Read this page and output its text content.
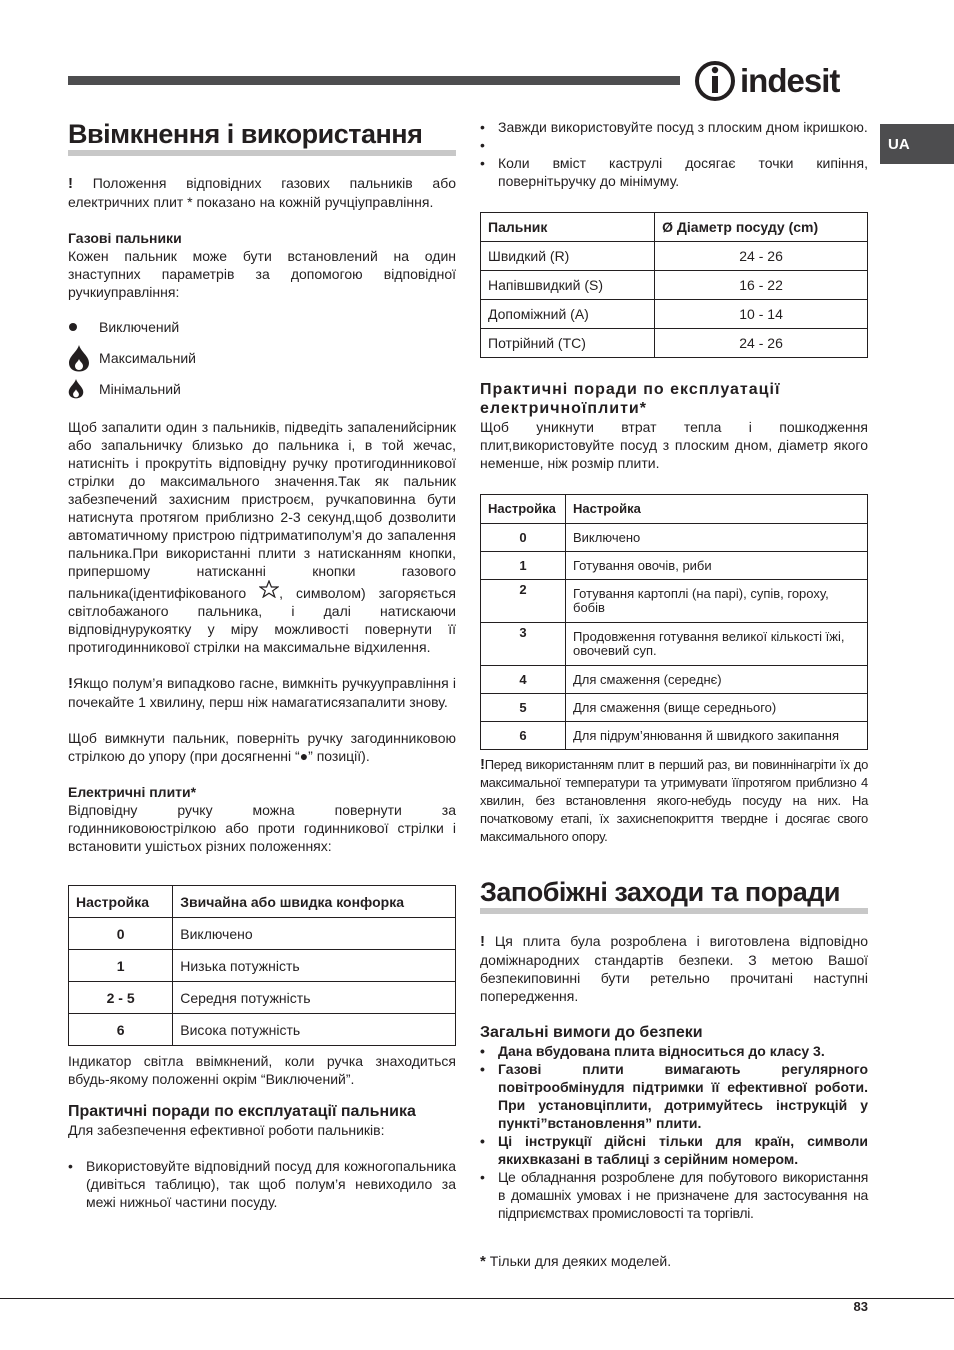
indesit
UA
Ввімкнення і використання

! Положення відповідних газових пальників або електричних плит * показано на кожній ручціуправління.

Газові пальники

Кожен пальник може бути встановлений на один знаступних параметрів за допомогою відповідної ручкиуправління:

Виключений
Максимальний
Мінімальний

Щоб запалити один з пальників, підведіть запаленийсірник або запальничку близько до пальника і, в той жечас, натисніть і прокрутіть відповідну ручку протигодинникової стрілки до максимального значення.Так як пальник забезпечений захисним пристроєм, ручкаповинна бути натиснута протягом приблизно 2-3 секунд,щоб дозволити автоматичному пристрою підтриматиполум’я до запалення пальника.При використанні плити з натисканням кнопки, припершому натисканні кнопки газового пальника(ідентифікованого , символом) загоряється світлобажаного пальника, і далі натискаючи відповіднурукоятку у міру можливості повернути її протигодинникової стрілки на максимальне відхилення.

!Якщо полум’я випадково гасне, вимкніть ручкууправління і почекайте 1 хвилину, перш ніж намагатисязапалити знову.

Щоб вимкнути пальник, поверніть ручку загодинниковою стрілкою до упору (при досягненні “●” позиції).

Електричні плити*

Відповідну ручку можна повернути за годинниковоюстрілкою або проти годинникової стрілки і встановити ушістьох різних положеннях:

Настройка	Звичайна або швидка конфорка
0	Виключено
1	Низька потужність
2 - 5	Середня потужність
6	Висока потужність

Індикатор світла ввімкнений, коли ручка знаходиться вбудь-якому положенні окрім “Виключений”.

Практичні поради по експлуатації пальника

Для забезпечення ефективної роботи пальників:

• Використовуйте відповідний посуд для кожногопальника (дивіться таблицю), так щоб полум’я невиходило за межі нижньої частини посуду.
• Завжди використовуйте посуд з плоским дном ікришкою.
•
• Коли вміст каструлі досягає точки кипіння, повернітьручку до мінімуму.
Пальник	Ø Діаметр посуду (cm)
Швидкий (R)	24 - 26
Напівшвидкий (S)	16 - 22
Допоміжний (A)	10 - 14
Потрійний (TC)	24 - 26
Практичні поради по експлуатації електричноїплити*

Щоб уникнути втрат тепла і пошкодження плит,використовуйте посуд з плоским дном, діаметр якого неменше, ніж розмір плити.

Настройка	Настройка
0	Виключено
1	Готування овочів, риби
2	Готування картоплі (на парі), супів, гороху, бобів
3	Продовження готування великої кількості їжі, овочевий суп.
4	Для смаження (середнє)
5	Для смаження (вище середнього)
6	Для підрум’янювання й швидкого закипання

!Перед використанням плит в перший раз, ви повиннінагрiти їх до максимальної температури та утримувати їїпротягом приблизно 4 хвилин, без встановлення якого-небудь посуду на них. На початковому етапі, їх захиснепокриття тверднe і досягає свого максимального опору.

Запобіжні заходи та поради

! Ця плита була розроблена і виготовлена відповідно доміжнародних стандартів безпеки. З метою Вашої безпекиповинні бути ретельно прочитані наступні попередження.

Загальні вимоги до безпеки
• Дана вбудована плита відноситься до класу 3.
• Газові плити вимагають регулярного повітрообмінудля підтримки її ефективної роботи. При установціплити, дотримуйтесь інструкцій у пункті”встановлення” плити.
• Ці інструкції дійсні тільки для країн, символи якихвказані в таблиці з серійним номером.
• Це обладнання розроблене для побутового використання в домашніх умовах і не призначене для застосування на підприємствах промисловості та торгівлі.

* Тільки для деяких моделей.

83
